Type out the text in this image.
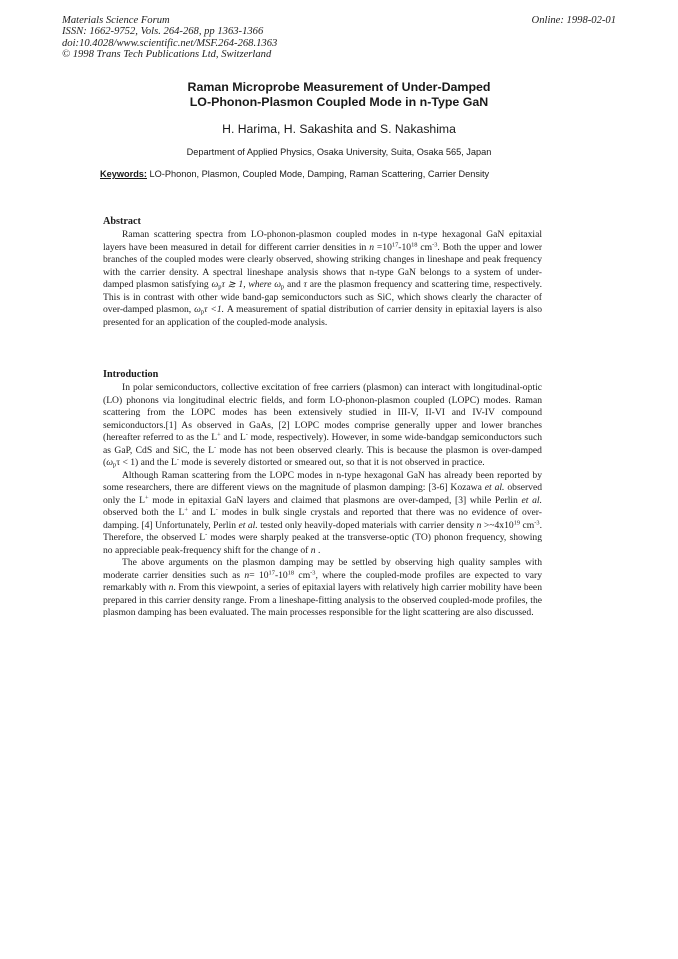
Materials Science Forum
ISSN: 1662-9752, Vols. 264-268, pp 1363-1366
doi:10.4028/www.scientific.net/MSF.264-268.1363
© 1998 Trans Tech Publications Ltd, Switzerland
Online: 1998-02-01
Raman Microprobe Measurement of Under-Damped
LO-Phonon-Plasmon Coupled Mode in n-Type GaN
H. Harima, H. Sakashita and S. Nakashima
Department of Applied Physics, Osaka University, Suita, Osaka 565, Japan
Keywords: LO-Phonon, Plasmon, Coupled Mode, Damping, Raman Scattering, Carrier Density
Abstract

Raman scattering spectra from LO-phonon-plasmon coupled modes in n-type hexagonal GaN epitaxial layers have been measured in detail for different carrier densities in $n =10^{17}-10^{18}$ $cm^{-3}$. Both the upper and lower branches of the coupled modes were clearly observed, showing striking changes in lineshape and peak frequency with the carrier density. A spectral lineshape analysis shows that n-type GaN belongs to a system of under-damped plasmon satisfying $\omega_p\tau$ ≳ 1, where $\omega_p$ and τ are the plasmon frequency and scattering time, respectively. This is in contrast with other wide band-gap semiconductors such as SiC, which shows clearly the character of over-damped plasmon, $\omega_p\tau <1$. A measurement of spatial distribution of carrier density in epitaxial layers is also presented for an application of the coupled-mode analysis.

Introduction

In polar semiconductors, collective excitation of free carriers (plasmon) can interact with longitudinal-optic (LO) phonons via longitudinal electric fields, and form LO-phonon-plasmon coupled (LOPC) modes. Raman scattering from the LOPC modes has been extensively studied in III-V, II-VI and IV-IV compound semiconductors.[1] As observed in GaAs, [2] LOPC modes comprise generally upper and lower branches (hereafter referred to as the L+ and L- mode, respectively). However, in some wide-bandgap semiconductors such as GaP, CdS and SiC, the L- mode has not been observed clearly. This is because the plasmon is over-damped $(\omega_p\tau < 1)$ and the L- mode is severely distorted or smeared out, so that it is not observed in practice.

Although Raman scattering from the LOPC modes in n-type hexagonal GaN has already been reported by some researchers, there are different views on the magnitude of plasmon damping: [3-6] Kozawa et al. observed only the L+ mode in epitaxial GaN layers and claimed that plasmons are over-damped, [3] while Perlin et al. observed both the L+ and L- modes in bulk single crystals and reported that there was no evidence of over-damping. [4] Unfortunately, Perlin et al. tested only heavily-doped materials with carrier density $n >\sim 4x10^{19}$ $cm^{-3}$. Therefore, the observed L- modes were sharply peaked at the transverse-optic (TO) phonon frequency, showing no appreciable peak-frequency shift for the change of n .

The above arguments on the plasmon damping may be settled by observing high quality samples with moderate carrier densities such as $n= 10^{17}-10^{18}$ $cm^{-3}$, where the coupled-mode profiles are expected to vary remarkably with n. From this viewpoint, a series of epitaxial layers with relatively high carrier mobility have been prepared in this carrier density range. From a lineshape-fitting analysis to the observed coupled-mode profiles, the plasmon damping has been evaluated. The main processes responsible for the light scattering are also discussed.
